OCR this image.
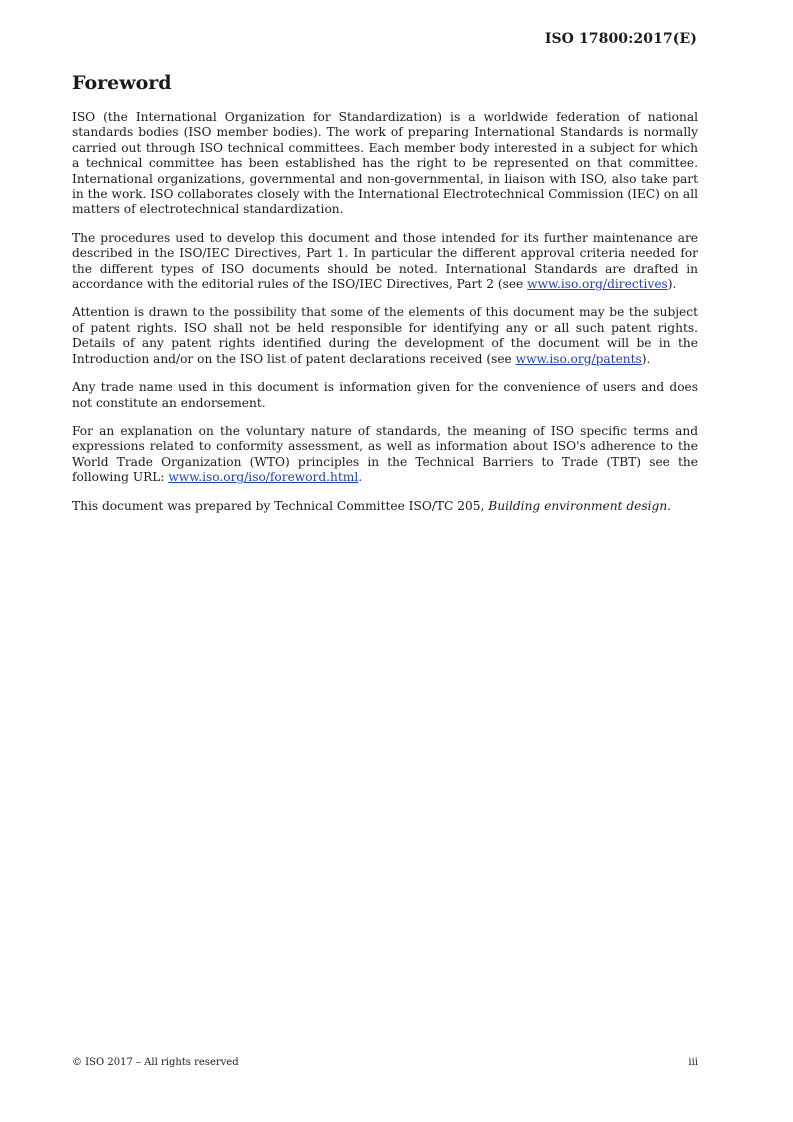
ISO 17800:2017(E)
Foreword

ISO (the International Organization for Standardization) is a worldwide federation of national standards bodies (ISO member bodies). The work of preparing International Standards is normally carried out through ISO technical committees. Each member body interested in a subject for which a technical committee has been established has the right to be represented on that committee. International organizations, governmental and non-governmental, in liaison with ISO, also take part in the work. ISO collaborates closely with the International Electrotechnical Commission (IEC) on all matters of electrotechnical standardization.

The procedures used to develop this document and those intended for its further maintenance are described in the ISO/IEC Directives, Part 1. In particular the different approval criteria needed for the different types of ISO documents should be noted. International Standards are drafted in accordance with the editorial rules of the ISO/IEC Directives, Part 2 (see www.iso.org/directives).

Attention is drawn to the possibility that some of the elements of this document may be the subject of patent rights. ISO shall not be held responsible for identifying any or all such patent rights. Details of any patent rights identified during the development of the document will be in the Introduction and/or on the ISO list of patent declarations received (see www.iso.org/patents).

Any trade name used in this document is information given for the convenience of users and does not constitute an endorsement.

For an explanation on the voluntary nature of standards, the meaning of ISO specific terms and expressions related to conformity assessment, as well as information about ISO's adherence to the World Trade Organization (WTO) principles in the Technical Barriers to Trade (TBT) see the following URL: www.iso.org/iso/foreword.html.

This document was prepared by Technical Committee ISO/TC 205, Building environment design.

© ISO 2017 – All rights reserved	iii
